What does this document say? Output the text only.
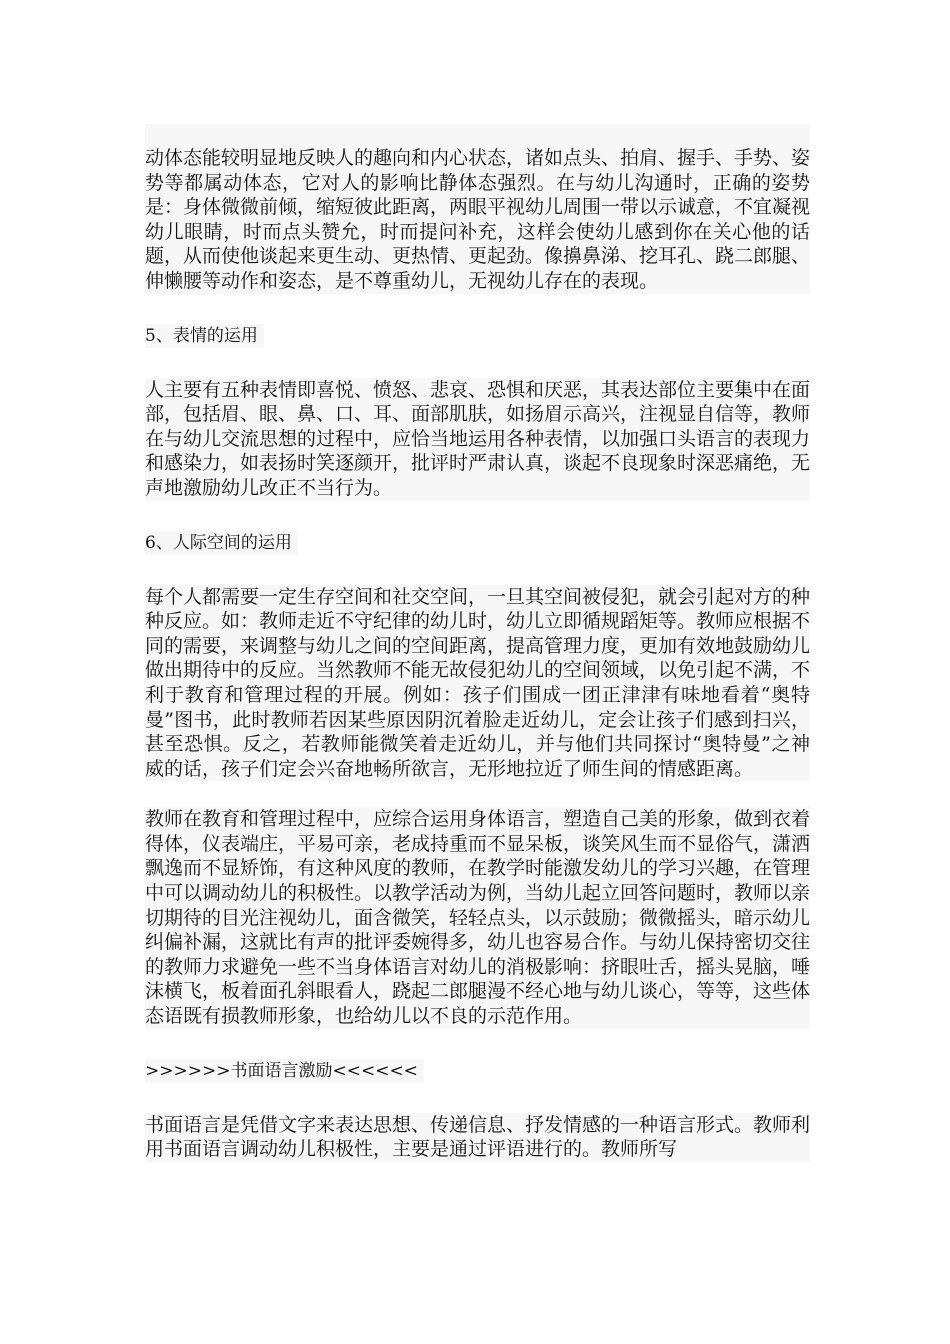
动体态能较明显地反映人的趣向和内心状态，诸如点头、拍肩、握手、手势、姿势等都属动体态，它对人的影响比静体态强烈。在与幼儿沟通时，正确的姿势是：身体微微前倾，缩短彼此距离，两眼平视幼儿周围一带以示诚意，不宜凝视幼儿眼睛，时而点头赞允，时而提问补充，这样会使幼儿感到你在关心他的话题，从而使他谈起来更生动、更热情、更起劲。像擤鼻涕、挖耳孔、跷二郎腿、伸懒腰等动作和姿态，是不尊重幼儿，无视幼儿存在的表现。

5、表情的运用

人主要有五种表情即喜悦、愤怒、悲哀、恐惧和厌恶，其表达部位主要集中在面部，包括眉、眼、鼻、口、耳、面部肌肤，如扬眉示高兴，注视显自信等，教师在与幼儿交流思想的过程中，应恰当地运用各种表情，以加强口头语言的表现力和感染力，如表扬时笑逐颜开，批评时严肃认真，谈起不良现象时深恶痛绝，无声地激励幼儿改正不当行为。

6、人际空间的运用

每个人都需要一定生存空间和社交空间，一旦其空间被侵犯，就会引起对方的种种反应。如：教师走近不守纪律的幼儿时，幼儿立即循规蹈矩等。教师应根据不同的需要，来调整与幼儿之间的空间距离，提高管理力度，更加有效地鼓励幼儿做出期待中的反应。当然教师不能无故侵犯幼儿的空间领域，以免引起不满，不利于教育和管理过程的开展。例如：孩子们围成一团正津津有味地看着“奥特曼”图书，此时教师若因某些原因阴沉着脸走近幼儿，定会让孩子们感到扫兴，甚至恐惧。反之，若教师能微笑着走近幼儿，并与他们共同探讨“奥特曼”之神威的话，孩子们定会兴奋地畅所欲言，无形地拉近了师生间的情感距离。

教师在教育和管理过程中，应综合运用身体语言，塑造自己美的形象，做到衣着得体，仪表端庄，平易可亲，老成持重而不显呆板，谈笑风生而不显俗气，潇洒飘逸而不显矫饰，有这种风度的教师，在教学时能激发幼儿的学习兴趣，在管理中可以调动幼儿的积极性。以教学活动为例，当幼儿起立回答问题时，教师以亲切期待的目光注视幼儿，面含微笑，轻轻点头，以示鼓励；微微摇头，暗示幼儿纠偏补漏，这就比有声的批评委婉得多，幼儿也容易合作。与幼儿保持密切交往的教师力求避免一些不当身体语言对幼儿的消极影响：挤眼吐舌，摇头晃脑，唾沫横飞，板着面孔斜眼看人，跷起二郎腿漫不经心地与幼儿谈心，等等，这些体态语既有损教师形象，也给幼儿以不良的示范作用。

>>>>>>书面语言激励<<<<<<

书面语言是凭借文字来表达思想、传递信息、抒发情感的一种语言形式。教师利用书面语言调动幼儿积极性，主要是通过评语进行的。教师所写
